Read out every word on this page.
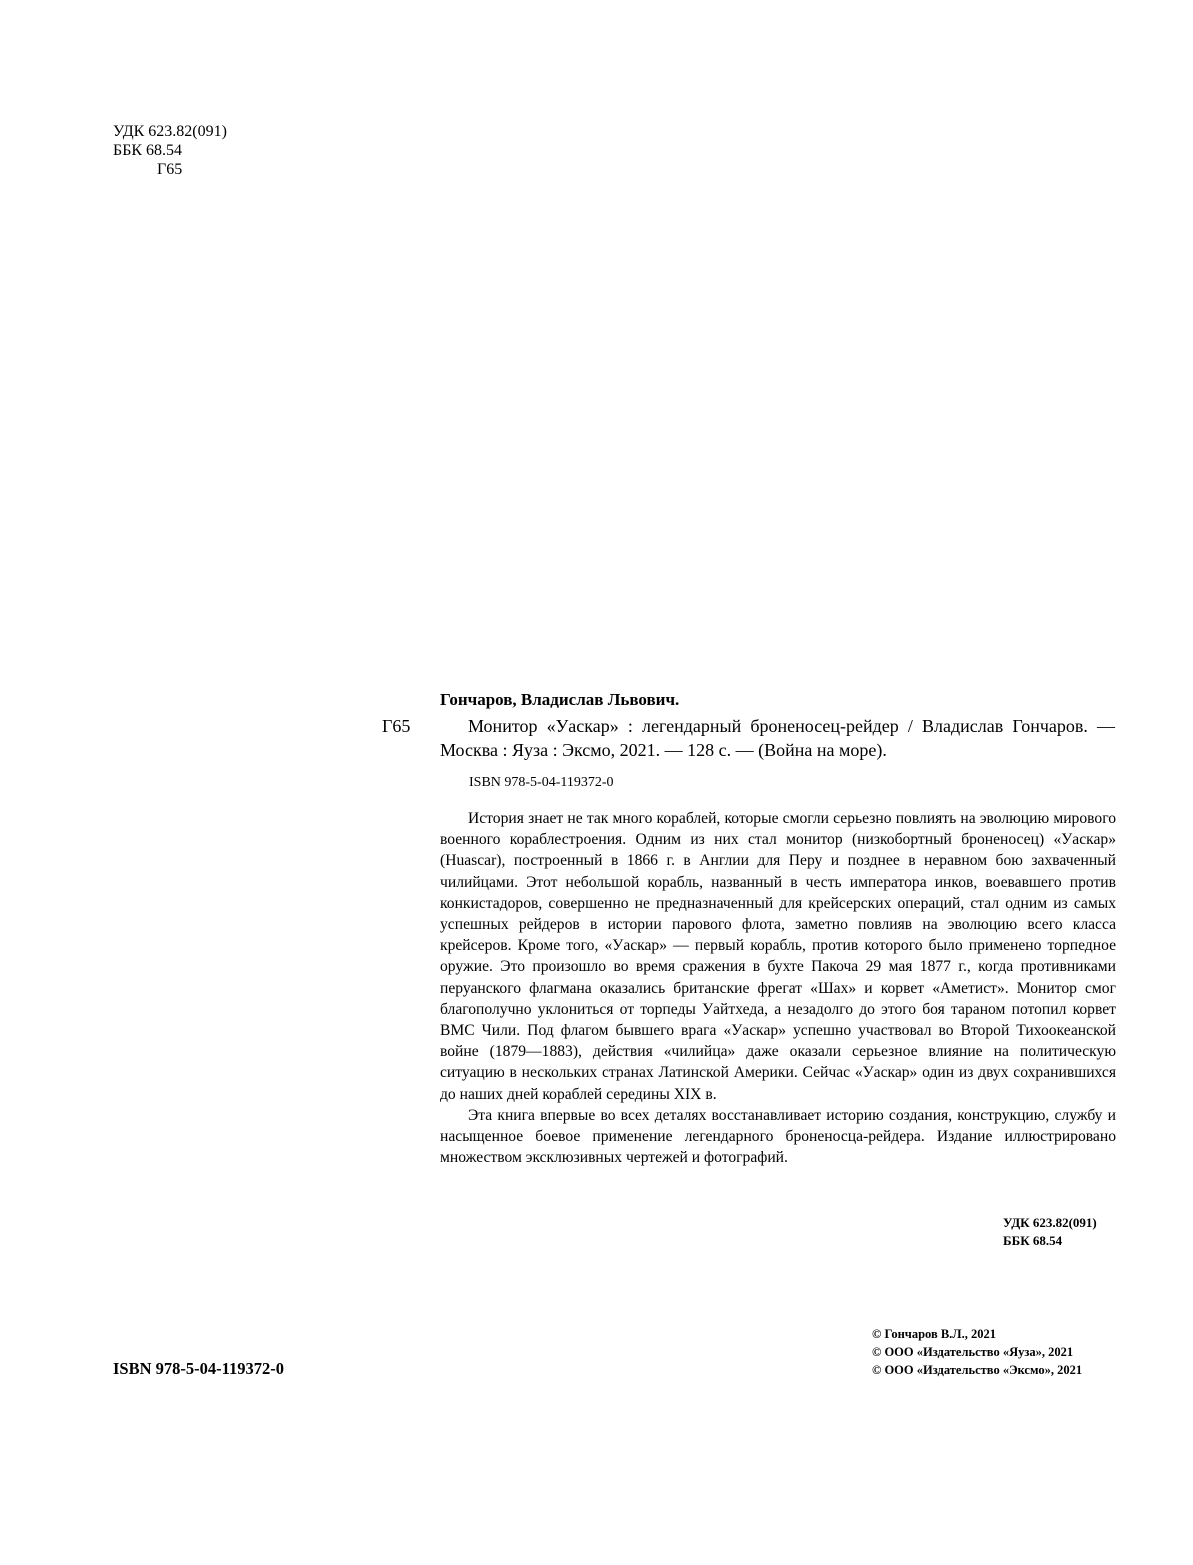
УДК 623.82(091)
ББК 68.54
Г65
Гончаров, Владислав Львович.
Г65	Монитор «Уаскар» : легендарный броненосец-рейдер / Владислав Гончаров. — Москва : Яуза : Эксмо, 2021. — 128 с. — (Война на море).

ISBN 978-5-04-119372-0

История знает не так много кораблей, которые смогли серьезно повлиять на эволюцию мирового военного кораблестроения. Одним из них стал монитор (низкобортный броненосец) «Уаскар» (Huascar), построенный в 1866 г. в Англии для Перу и позднее в неравном бою захваченный чилийцами. Этот небольшой корабль, названный в честь императора инков, воевавшего против конкистадоров, совершенно не предназначенный для крейсерских операций, стал одним из самых успешных рейдеров в истории парового флота, заметно повлияв на эволюцию всего класса крейсеров. Кроме того, «Уаскар» — первый корабль, против которого было применено торпедное оружие. Это произошло во время сражения в бухте Пакоча 29 мая 1877 г., когда противниками перуанского флагмана оказались британские фрегат «Шах» и корвет «Аметист». Монитор смог благополучно уклониться от торпеды Уайтхеда, а незадолго до этого боя тараном потопил корвет ВМС Чили. Под флагом бывшего врага «Уаскар» успешно участвовал во Второй Тихоокеанской войне (1879—1883), действия «чилийца» даже оказали серьезное влияние на политическую ситуацию в нескольких странах Латинской Америки. Сейчас «Уаскар» один из двух сохранившихся до наших дней кораблей середины XIX в.

Эта книга впервые во всех деталях восстанавливает историю создания, конструкцию, службу и насыщенное боевое применение легендарного броненосца-рейдера. Издание иллюстрировано множеством эксклюзивных чертежей и фотографий.

УДК 623.82(091)
ББК 68.54
ISBN 978-5-04-119372-0
© Гончаров В.Л., 2021
© ООО «Издательство «Яуза», 2021
© ООО «Издательство «Эксмо», 2021
